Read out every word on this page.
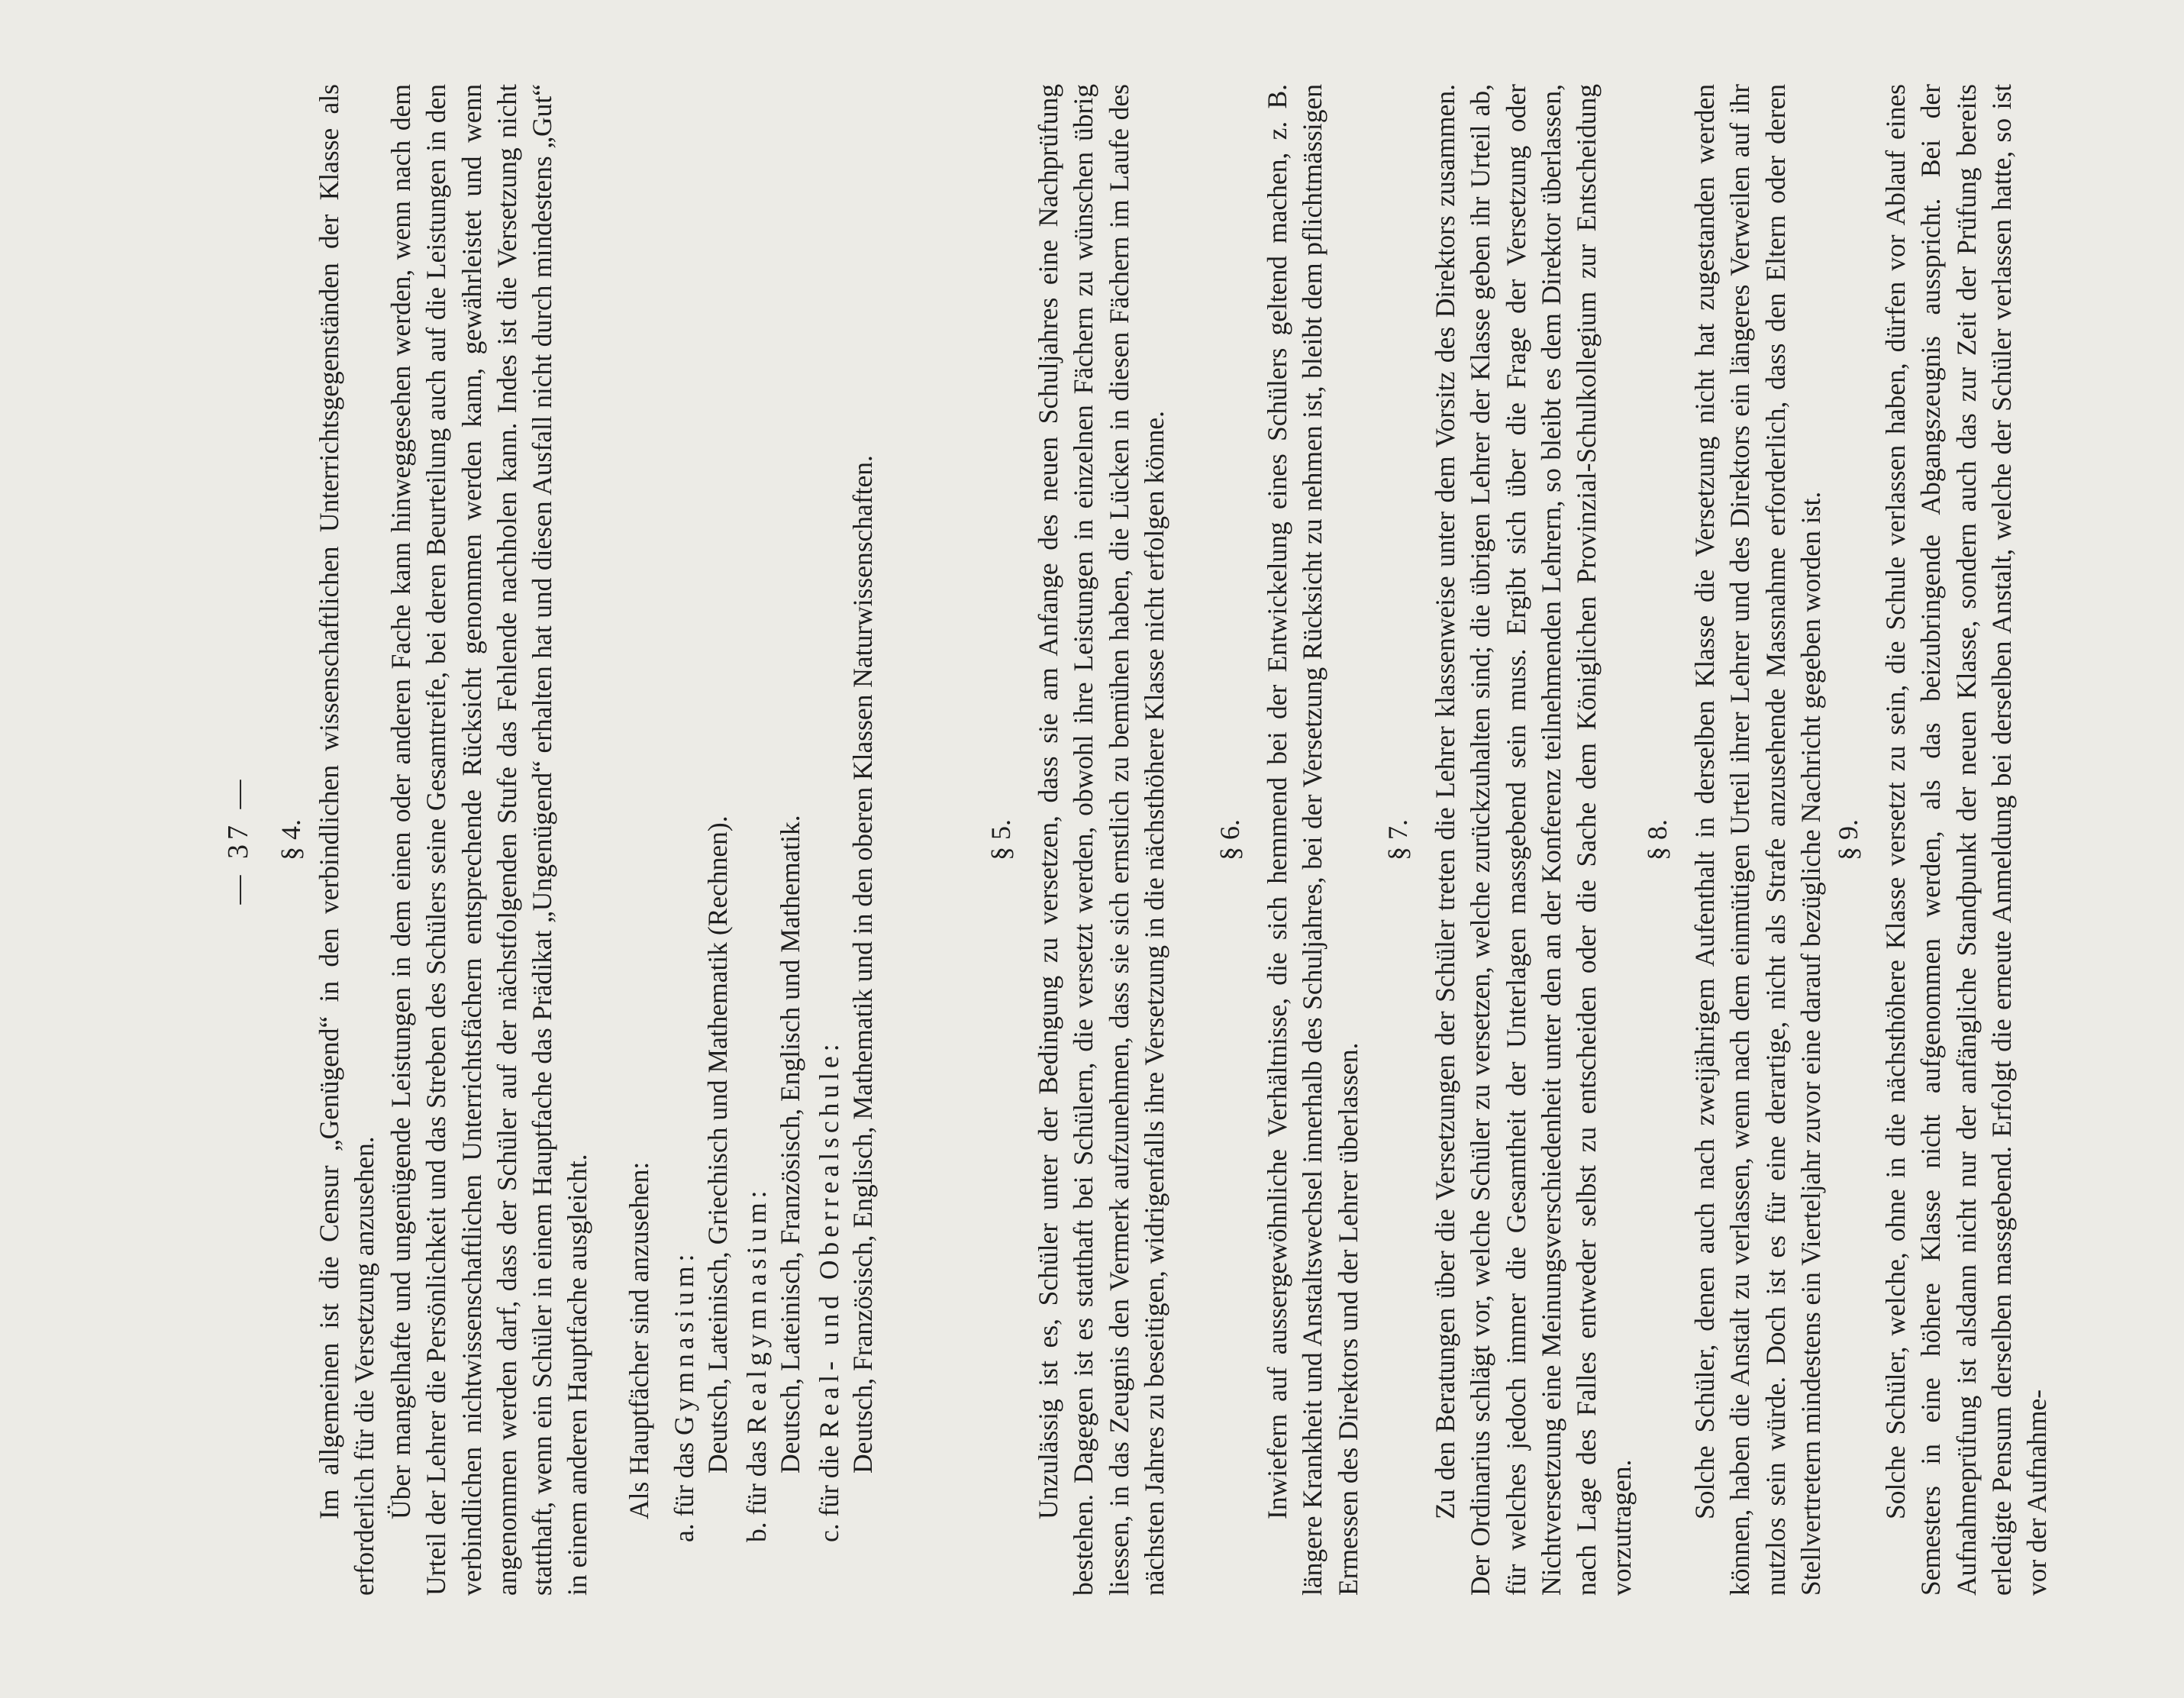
— 37 — § 4. Im allgemeinen ist die Censur „Genügend“ in den verbindlichen wissenschaftlichen Unterrichtsgegenständen der Klasse als erforderlich für die Versetzung anzusehen. Über mangelhafte und ungenügende Leistungen in dem einen oder anderen Fache kann hinweggesehen werden, wenn nach dem Urteil der Lehrer die Persönlichkeit und das Streben des Schülers seine Gesamtreife, bei deren Beurteilung auch auf die Leistungen in den verbindlichen nichtwissenschaftlichen Unterrichtsfächern entsprechende Rücksicht genommen werden kann, gewährleistet und wenn angenommen werden darf, dass der Schüler auf der nächstfolgenden Stufe das Fehlende nachholen kann. Indes ist die Versetzung nicht statthaft, wenn ein Schüler in einem Hauptfache das Prädikat „Ungenügend“ erhalten hat und diesen Ausfall nicht durch mindestens „Gut“ in einem anderen Hauptfache ausgleicht. Als Hauptfächer sind anzusehen: a. für das Gymnasium: Deutsch, Lateinisch, Griechisch und Mathematik (Rechnen).
b. für das Realgymnasium: Deutsch, Lateinisch, Französisch, Englisch und Mathematik.
c. für die Real- und Oberrealschule: Deutsch, Französisch, Englisch, Mathematik und in den oberen Klassen Naturwissenschaften.	§ 5. Unzulässig ist es, Schüler unter der Bedingung zu versetzen, dass sie am Anfange des neuen Schuljahres eine Nachprüfung bestehen. Dagegen ist es statthaft bei Schülern, die versetzt werden, obwohl ihre Leistungen in einzelnen Fächern zu wünschen übrig liessen, in das Zeugnis den Vermerk aufzunehmen, dass sie sich ernstlich zu bemühen haben, die Lücken in diesen Fächern im Laufe des nächsten Jahres zu beseitigen, widrigenfalls ihre Versetzung in die nächsthöhere Klasse nicht erfolgen könne. § 6. Inwiefern auf aussergewöhnliche Verhältnisse, die sich hemmend bei der Entwickelung eines Schülers geltend machen, z. B. längere Krankheit und Anstaltswechsel innerhalb des Schuljahres, bei der Versetzung Rücksicht zu nehmen ist, bleibt dem pflichtmässigen Ermessen des Direktors und der Lehrer überlassen.

§ 7. Zu den Beratungen über die Versetzungen der Schüler treten die Lehrer klassenweise unter dem Vorsitz des Direktors zusammen. Der Ordinarius schlägt vor, welche Schüler zu versetzen, welche zurückzuhalten sind; die übrigen Lehrer der Klasse geben ihr Urteil ab, für welches jedoch immer die Gesamtheit der Unterlagen massgebend sein muss. Ergibt sich über die Frage der Versetzung oder Nichtversetzung eine Meinungsverschiedenheit unter den an der Konferenz teilnehmenden Lehrern, so bleibt es dem Direktor überlassen, nach Lage des Falles entweder selbst zu entscheiden oder die Sache dem Königlichen Provinzial-Schulkollegium zur Entscheidung vorzutragen.

§ 8. Solche Schüler, denen auch nach zweijährigem Aufenthalt in derselben Klasse die Versetzung nicht hat zugestanden werden können, haben die Anstalt zu verlassen, wenn nach dem einmütigen Urteil ihrer Lehrer und des Direktors ein längeres Verweilen auf ihr nutzlos sein würde. Doch ist es für eine derartige, nicht als Strafe anzusehende Massnahme erforderlich, dass den Eltern oder deren Stellvertretern mindestens ein Vierteljahr zuvor eine darauf bezügliche Nachricht gegeben worden ist. § 9. Solche Schüler, welche, ohne in die nächsthöhere Klasse versetzt zu sein, die Schule verlassen haben, dürfen vor Ablauf eines Semesters in eine höhere Klasse nicht aufgenommen werden, als das beizubringende Abgangszeugnis ausspricht. Bei der Aufnahmeprüfung ist alsdann nicht nur der anfängliche Standpunkt der neuen Klasse, sondern auch das zur Zeit der Prüfung bereits erledigte Pensum derselben massgebend. Erfolgt die erneute Anmeldung bei derselben Anstalt, welche der Schüler verlassen hatte, so ist vor der Aufnahme-
